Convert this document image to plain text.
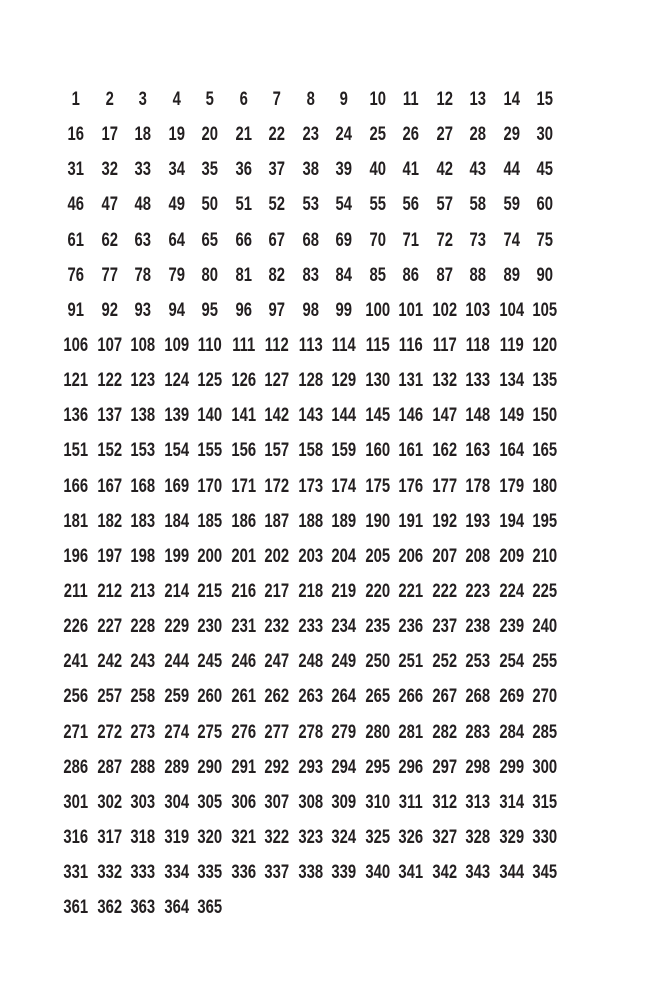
1	2	3	4	5	6	7	8	9	10 11 12 13 14 15
16 17 18 19 20 21 22 23 24 25 26 27 28 29 30
31 32 33 34 35 36 37 38 39 40 41 42 43 44 45
46 47 48 49 50 51 52 53 54 55 56 57 58 59 60
61 62 63 64 65 66 67 68 69 70 71 72 73 74 75
76 77 78 79 80 81 82 83 84 85 86 87 88 89 90
91 92 93 94 95 96 97 98 99 100 101 102 103 104 105
106 107 108 109 110 111 112 113 114 115 116 117 118 119 120
121 122 123 124 125 126 127 128 129 130 131 132 133 134 135
136 137 138 139 140 141 142 143 144 145 146 147 148 149 150
151 152 153 154 155 156 157 158 159 160 161 162 163 164 165
166 167 168 169 170 171 172 173 174 175 176 177 178 179 180
181 182 183 184 185 186 187 188 189 190 191 192 193 194 195
196 197 198 199 200 201 202 203 204 205 206 207 208 209 210
211 212 213 214 215 216 217 218 219 220 221 222 223 224 225
226 227 228 229 230 231 232 233 234 235 236 237 238 239 240
241 242 243 244 245 246 247 248 249 250 251 252 253 254 255
256 257 258 259 260 261 262 263 264 265 266 267 268 269 270
271 272 273 274 275 276 277 278 279 280 281 282 283 284 285
286 287 288 289 290 291 292 293 294 295 296 297 298 299 300
301 302 303 304 305 306 307 308 309 310 311 312 313 314 315
316 317 318 319 320 321 322 323 324 325 326 327 328 329 330
331 332 333 334 335 336 337 338 339 340 341 342 343 344 345
361 362 363 364 365
